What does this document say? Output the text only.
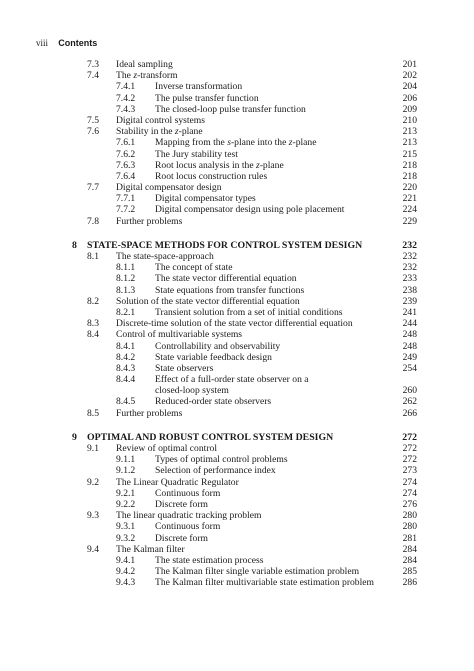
viii Contents
7.3 Ideal sampling	201
7.4 The z-transform	202
7.4.1 Inverse transformation	204
7.4.2 The pulse transfer function	206
7.4.3 The closed-loop pulse transfer function	209
7.5 Digital control systems	210
7.6 Stability in the z-plane	213
7.6.1 Mapping from the s-plane into the z-plane	213
7.6.2 The Jury stability test	215
7.6.3 Root locus analysis in the z-plane	218
7.6.4 Root locus construction rules	218
7.7 Digital compensator design	220
7.7.1 Digital compensator types	221
7.7.2 Digital compensator design using pole placement	224
7.8 Further problems	229
8 STATE-SPACE METHODS FOR CONTROL SYSTEM DESIGN	232
8.1 The state-space-approach	232
8.1.1 The concept of state	232
8.1.2 The state vector differential equation	233
8.1.3 State equations from transfer functions	238
8.2 Solution of the state vector differential equation	239
8.2.1 Transient solution from a set of initial conditions	241
8.3 Discrete-time solution of the state vector differential equation	244
8.4 Control of multivariable systems	248
8.4.1 Controllability and observability	248
8.4.2 State variable feedback design	249
8.4.3 State observers	254
8.4.4 Effect of a full-order state observer on a
closed-loop system	260
8.4.5 Reduced-order state observers	262
8.5 Further problems	266
9 OPTIMAL AND ROBUST CONTROL SYSTEM DESIGN	272
9.1 Review of optimal control	272
9.1.1 Types of optimal control problems	272
9.1.2 Selection of performance index	273
9.2 The Linear Quadratic Regulator	274
9.2.1 Continuous form	274
9.2.2 Discrete form	276
9.3 The linear quadratic tracking problem	280
9.3.1 Continuous form	280
9.3.2 Discrete form	281
9.4 The Kalman filter	284
9.4.1 The state estimation process	284
9.4.2 The Kalman filter single variable estimation problem	285
9.4.3 The Kalman filter multivariable state estimation problem	286
